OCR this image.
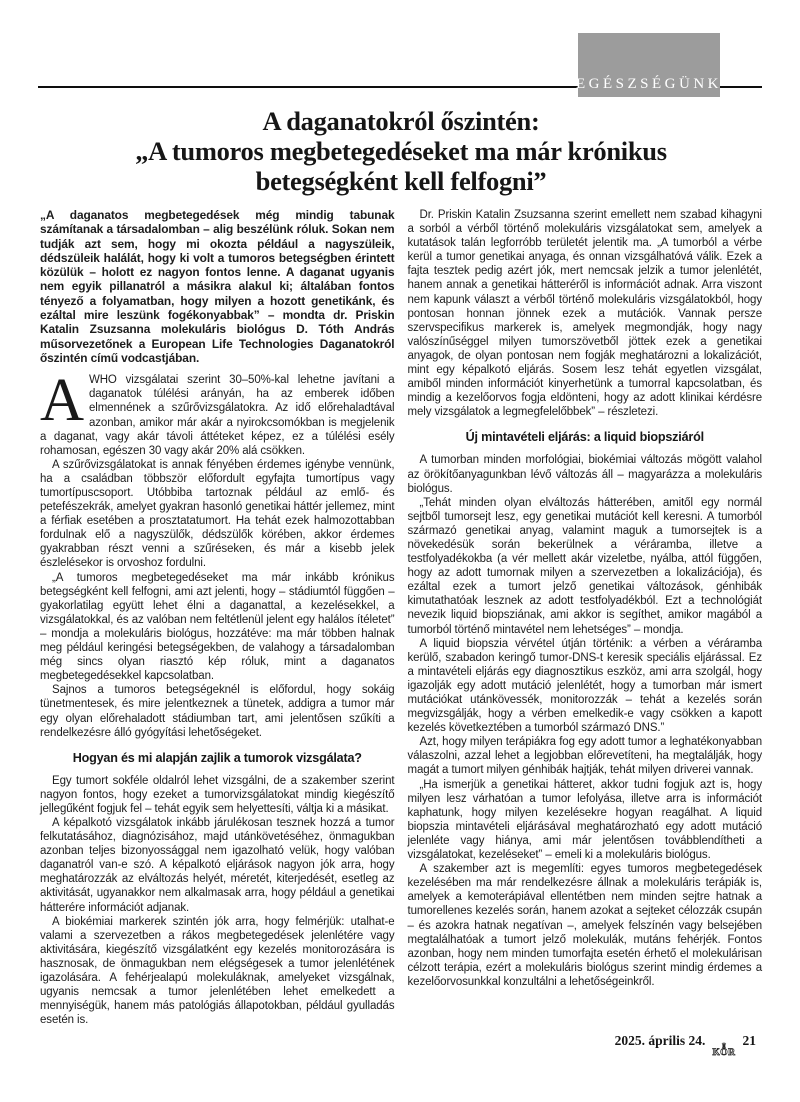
EGÉSZSÉGÜNK
A daganatokról őszintén:
„A tumoros megbetegedéseket ma már krónikus
betegségként kell felfogni”

„A daganatos megbetegedések még mindig tabunak számítanak a társadalomban – alig beszélünk róluk. Sokan nem tudják azt sem, hogy mi okozta például a nagyszüleik, dédszüleik halálát, hogy ki volt a tumoros betegségben érintett közülük – holott ez nagyon fontos lenne. A daganat ugyanis nem egyik pillanatról a másikra alakul ki; általában fontos tényező a folyamatban, hogy milyen a hozott genetikánk, és ezáltal mire leszünk fogékonyabbak” – mondta dr. Priskin Katalin Zsuzsanna molekuláris biológus D. Tóth András műsorvezetőnek a European Life Technologies Daganatokról őszintén című vodcastjában.

AWHO vizsgálatai szerint 30–50%-kal lehetne javítani a daganatok túlélési arányán, ha az emberek időben elmennének a szűrővizsgálatokra. Az idő előrehaladtával azonban, amikor már akár a nyirokcsomókban is megjelenik a daganat, vagy akár távoli áttéteket képez, ez a túlélési esély rohamosan, egészen 30 vagy akár 20% alá csökken.

A szűrővizsgálatokat is annak fényében érdemes igénybe vennünk, ha a családban többször előfordult egyfajta tumortípus vagy tumortípuscsoport. Utóbbiba tartoznak például az emlő- és petefészekrák, amelyet gyakran hasonló genetikai háttér jellemez, mint a férfiak esetében a prosztatatumort. Ha tehát ezek halmozottabban fordulnak elő a nagyszülők, dédszülők körében, akkor érdemes gyakrabban részt venni a szűréseken, és már a kisebb jelek észlelésekor is orvoshoz fordulni.

„A tumoros megbetegedéseket ma már inkább krónikus betegségként kell felfogni, ami azt jelenti, hogy – stádiumtól függően – gyakorlatilag együtt lehet élni a daganattal, a kezelésekkel, a vizsgálatokkal, és az valóban nem feltétlenül jelent egy halálos ítéletet” – mondja a molekuláris biológus, hozzátéve: ma már többen halnak meg például keringési betegségekben, de valahogy a társadalomban még sincs olyan riasztó kép róluk, mint a daganatos megbetegedésekkel kapcsolatban.

Sajnos a tumoros betegségeknél is előfordul, hogy sokáig tünetmentesek, és mire jelentkeznek a tünetek, addigra a tumor már egy olyan előrehaladott stádiumban tart, ami jelentősen szűkíti a rendelkezésre álló gyógyítási lehetőségeket.

Hogyan és mi alapján zajlik a tumorok vizsgálata?

Egy tumort sokféle oldalról lehet vizsgálni, de a szakember szerint nagyon fontos, hogy ezeket a tumorvizsgálatokat mindig kiegészítő jellegűként fogjuk fel – tehát egyik sem helyettesíti, váltja ki a másikat.

A képalkotó vizsgálatok inkább járulékosan tesznek hozzá a tumor felkutatásához, diagnózisához, majd utánkövetéséhez, önmagukban azonban teljes bizonyossággal nem igazolható velük, hogy valóban daganatról van-e szó. A képalkotó eljárások nagyon jók arra, hogy meghatározzák az elváltozás helyét, méretét, kiterjedését, esetleg az aktivitását, ugyanakkor nem alkalmasak arra, hogy például a genetikai hátterére információt adjanak.

A biokémiai markerek szintén jók arra, hogy felmérjük: utalhat-e valami a szervezetben a rákos megbetegedések jelenlétére vagy aktivitására, kiegészítő vizsgálatként egy kezelés monitorozására is hasznosak, de önmagukban nem elégségesek a tumor jelenlétének igazolására. A fehérjealapú molekuláknak, amelyeket vizsgálnak, ugyanis nemcsak a tumor jelenlétében lehet emelkedett a mennyiségük, hanem más patológiás állapotokban, például gyulladás esetén is.

Dr. Priskin Katalin Zsuzsanna szerint emellett nem szabad kihagyni a sorból a vérből történő molekuláris vizsgálatokat sem, amelyek a kutatások talán legforróbb területét jelentik ma. „A tumorból a vérbe kerül a tumor genetikai anyaga, és onnan vizsgálhatóvá válik. Ezek a fajta tesztek pedig azért jók, mert nemcsak jelzik a tumor jelenlétét, hanem annak a genetikai hátteréről is információt adnak. Arra viszont nem kapunk választ a vérből történő molekuláris vizsgálatokból, hogy pontosan honnan jönnek ezek a mutációk. Vannak persze szervspecifikus markerek is, amelyek megmondják, hogy nagy valószínűséggel milyen tumorszövetből jöttek ezek a genetikai anyagok, de olyan pontosan nem fogják meghatározni a lokalizációt, mint egy képalkotó eljárás. Sosem lesz tehát egyetlen vizsgálat, amiből minden információt kinyerhetünk a tumorral kapcsolatban, és mindig a kezelőorvos fogja eldönteni, hogy az adott klinikai kérdésre mely vizsgálatok a legmegfelelőbbek” – részletezi.

Új mintavételi eljárás: a liquid biopsziáról

A tumorban minden morfológiai, biokémiai változás mögött valahol az örökítőanyagunkban lévő változás áll – magyarázza a molekuláris biológus.

„Tehát minden olyan elváltozás hátterében, amitől egy normál sejtből tumorsejt lesz, egy genetikai mutációt kell keresni. A tumorból származó genetikai anyag, valamint maguk a tumorsejtek is a növekedésük során bekerülnek a véráramba, illetve a testfolyadékokba (a vér mellett akár vizeletbe, nyálba, attól függően, hogy az adott tumornak milyen a szervezetben a lokalizációja), és ezáltal ezek a tumort jelző genetikai változások, génhibák kimutathatóak lesznek az adott testfolyadékból. Ezt a technológiát nevezik liquid biopsziának, ami akkor is segíthet, amikor magából a tumorból történő mintavétel nem lehetséges” – mondja.

A liquid biopszia vérvétel útján történik: a vérben a véráramba kerülő, szabadon keringő tumor-DNS-t keresik speciális eljárással. Ez a mintavételi eljárás egy diagnosztikus eszköz, ami arra szolgál, hogy igazolják egy adott mutáció jelenlétét, hogy a tumorban már ismert mutációkat utánkövessék, monitorozzák – tehát a kezelés során megvizsgálják, hogy a vérben emelkedik-e vagy csökken a kapott kezelés következtében a tumorból származó DNS.”

Azt, hogy milyen terápiákra fog egy adott tumor a leghatékonyabban válaszolni, azzal lehet a legjobban előrevetíteni, ha megtalálják, hogy magát a tumort milyen génhibák hajtják, tehát milyen driverei vannak.

„Ha ismerjük a genetikai hátteret, akkor tudni fogjuk azt is, hogy milyen lesz várhatóan a tumor lefolyása, illetve arra is információt kaphatunk, hogy milyen kezelésekre hogyan reagálhat. A liquid biopszia mintavételi eljárásával meghatározható egy adott mutáció jelenléte vagy hiánya, ami már jelentősen továbblendítheti a vizsgálatokat, kezeléseket” – emeli ki a molekuláris biológus.

A szakember azt is megemlíti: egyes tumoros megbetegedések kezelésében ma már rendelkezésre állnak a molekuláris terápiák is, amelyek a kemoterápiával ellentétben nem minden sejtre hatnak a tumorellenes kezelés során, hanem azokat a sejteket célozzák csupán – és azokra hatnak negatívan –, amelyek felszínén vagy belsejében megtalálhatóak a tumort jelző molekulák, mutáns fehérjék. Fontos azonban, hogy nem minden tumorfajta esetén érhető el molekulárisan célzott terápia, ezért a molekuláris biológus szerint mindig érdemes a kezelőorvosunkkal konzultálni a lehetőségeinkről.

2025. április 24.	♛
KÖR
21
